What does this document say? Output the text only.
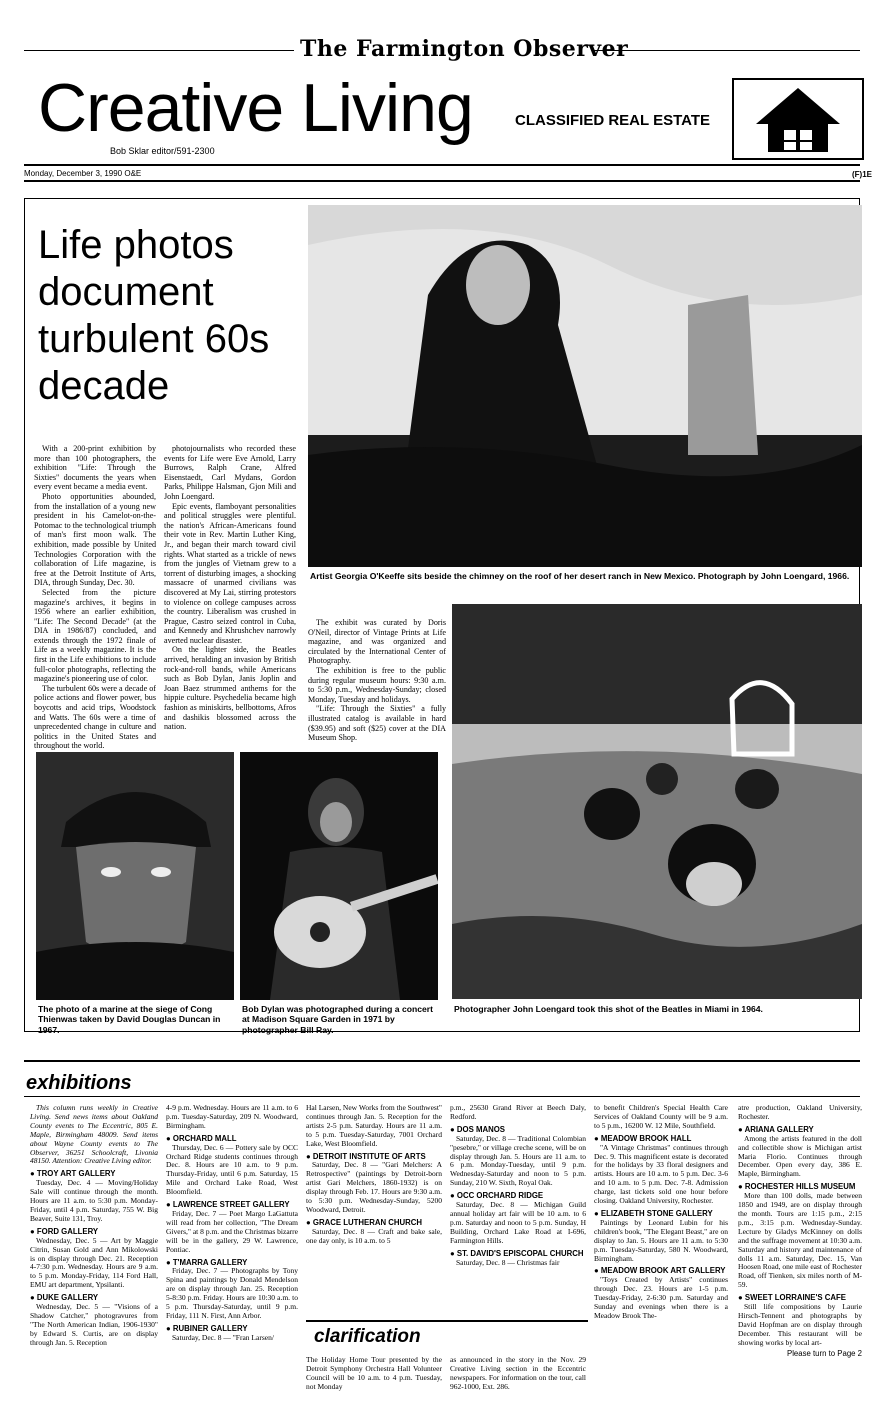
The Farmington Observer
Creative Living	CLASSIFIED REAL ESTATE
Bob Sklar editor/591-2300
Monday, December 3, 1990 O&E	(F)1E
Life photos document turbulent 60s decade

With a 200-print exhibition by more than 100 photographers, the exhibition "Life: Through the Sixties" documents the years when every event became a media event.

Photo opportunities abounded, from the installation of a young new president in his Camelot-on-the-Potomac to the technological triumph of man's first moon walk. The exhibition, made possible by United Technologies Corporation with the collaboration of Life magazine, is free at the Detroit Institute of Arts, DIA, through Sunday, Dec. 30.

Selected from the picture magazine's archives, it begins in 1956 where an earlier exhibition, "Life: The Second Decade" (at the DIA in 1986/87) concluded, and extends through the 1972 finale of Life as a weekly magazine. It is the first in the Life exhibitions to include full-color photographs, reflecting the magazine's pioneering use of color.

The turbulent 60s were a decade of police actions and flower power, bus boycotts and acid trips, Woodstock and Watts. The 60s were a time of unprecedented change in culture and politics in the United States and throughout the world.

photojournalists who recorded these events for Life were Eve Arnold, Larry Burrows, Ralph Crane, Alfred Eisenstaedt, Carl Mydans, Gordon Parks, Philippe Halsman, Gjon Mili and John Loengard.

Epic events, flamboyant personalities and political struggles were plentiful. the nation's African-Americans found their vote in Rev. Martin Luther King, Jr., and began their march toward civil rights. What started as a trickle of news from the jungles of Vietnam grew to a torrent of disturbing images, a shocking massacre of unarmed civilians was discovered at My Lai, stirring protestors to violence on college campuses across the country. Liberalism was crushed in Prague, Castro seized control in Cuba, and Kennedy and Khrushchev narrowly averted nuclear disaster.

On the lighter side, the Beatles arrived, heralding an invasion by British rock-and-roll bands, while Americans such as Bob Dylan, Janis Joplin and Joan Baez strummed anthems for the hippie culture. Psychedelia became high fashion as miniskirts, bellbottoms, Afros and dashikis blossomed across the nation.

The exhibit was curated by Doris O'Neil, director of Vintage Prints at Life magazine, and was organized and circulated by the International Center of Photography.

The exhibition is free to the public during regular museum hours: 9:30 a.m. to 5:30 p.m., Wednesday-Sunday; closed Monday, Tuesday and holidays.

"Life: Through the Sixties" a fully illustrated catalog is available in hard ($39.95) and soft ($25) cover at the DIA Museum Shop.

Artist Georgia O'Keeffe sits beside the chimney on the roof of her desert ranch in New Mexico. Photograph by John Loengard, 1966.
Photographer John Loengard took this shot of the Beatles in Miami in 1964.
The photo of a marine at the siege of Cong Thienwas taken by David Douglas Duncan in 1967.
Bob Dylan was photographed during a concert at Madison Square Garden in 1971 by photographer Bill Ray.
exhibitions

This column runs weekly in Creative Living. Send news items about Oakland County events to The Eccentric, 805 E. Maple, Birmingham 48009. Send items about Wayne County events to The Observer, 36251 Schoolcraft, Livonia 48150. Attention: Creative Living editor.

● TROY ART GALLERY

Tuesday, Dec. 4 — Moving/Holiday Sale will continue through the month. Hours are 11 a.m. to 5:30 p.m. Monday-Friday, until 4 p.m. Saturday, 755 W. Big Beaver, Suite 131, Troy.

● FORD GALLERY

Wednesday, Dec. 5 — Art by Maggie Citrin, Susan Gold and Ann Mikolowski is on display through Dec. 21. Reception 4-7:30 p.m. Wednesday. Hours are 9 a.m. to 5 p.m. Monday-Friday, 114 Ford Hall, EMU art department, Ypsilanti.

● DUKE GALLERY

Wednesday, Dec. 5 — "Visions of a Shadow Catcher," photogravures from "The North American Indian, 1906-1930" by Edward S. Curtis, are on display through Jan. 5. Reception

4-9 p.m. Wednesday. Hours are 11 a.m. to 6 p.m. Tuesday-Saturday, 209 N. Woodward, Birmingham.

● ORCHARD MALL

Thursday, Dec. 6 — Pottery sale by OCC Orchard Ridge students continues through Dec. 8. Hours are 10 a.m. to 9 p.m. Thursday-Friday, until 6 p.m. Saturday, 15 Mile and Orchard Lake Road, West Bloomfield.

● LAWRENCE STREET GALLERY

Friday, Dec. 7 — Poet Margo LaGattuta will read from her collection, "The Dream Givers," at 8 p.m. and the Christmas bizarre will be in the gallery, 29 W. Lawrence, Pontiac.

● T'MARRA GALLERY

Friday, Dec. 7 — Photographs by Tony Spina and paintings by Donald Mendelson are on display through Jan. 25. Reception 5-8:30 p.m. Friday. Hours are 10:30 a.m. to 5 p.m. Thursday-Saturday, until 9 p.m. Friday, 111 N. First, Ann Arbor.

● RUBINER GALLERY

Saturday, Dec. 8 — "Fran Larsen/

Hal Larsen, New Works from the Southwest" continues through Jan. 5. Reception for the artists 2-5 p.m. Saturday. Hours are 11 a.m. to 5 p.m. Tuesday-Saturday, 7001 Orchard Lake, West Bloomfield.

● DETROIT INSTITUTE OF ARTS

Saturday, Dec. 8 — "Gari Melchers: A Retrospective" (paintings by Detroit-born artist Gari Melchers, 1860-1932) is on display through Feb. 17. Hours are 9:30 a.m. to 5:30 p.m. Wednesday-Sunday, 5200 Woodward, Detroit.

● GRACE LUTHERAN CHURCH

Saturday, Dec. 8 — Craft and bake sale, one day only, is 10 a.m. to 5

p.m., 25630 Grand River at Beech Daly, Redford.

● DOS MANOS

Saturday, Dec. 8 — Traditional Colombian "pesebre," or village creche scene, will be on display through Jan. 5. Hours are 11 a.m. to 6 p.m. Monday-Tuesday, until 9 p.m. Wednesday-Saturday and noon to 5 p.m. Sunday, 210 W. Sixth, Royal Oak.

● OCC ORCHARD RIDGE

Saturday, Dec. 8 — Michigan Guild annual holiday art fair will be 10 a.m. to 6 p.m. Saturday and noon to 5 p.m. Sunday, H Building, Orchard Lake Road at I-696, Farmington Hills.

● ST. DAVID'S EPISCOPAL CHURCH

Saturday, Dec. 8 — Christmas fair

to benefit Children's Special Health Care Services of Oakland County will be 9 a.m. to 5 p.m., 16200 W. 12 Mile, Southfield.

● MEADOW BROOK HALL

"A Vintage Christmas" continues through Dec. 9. This magnificent estate is decorated for the holidays by 33 floral designers and artists. Hours are 10 a.m. to 5 p.m. Dec. 3-6 and 10 a.m. to 5 p.m. Dec. 7-8. Admission charge, last tickets sold one hour before closing. Oakland University, Rochester.

● ELIZABETH STONE GALLERY

Paintings by Leonard Lubin for his children's book, "The Elegant Beast," are on display to Jan. 5. Hours are 11 a.m. to 5:30 p.m. Tuesday-Saturday, 580 N. Woodward, Birmingham.

● MEADOW BROOK ART GALLERY

"Toys Created by Artists" continues through Dec. 23. Hours are 1-5 p.m. Tuesday-Friday, 2-6:30 p.m. Saturday and Sunday and evenings when there is a Meadow Brook The-

atre production, Oakland University, Rochester.

● ARIANA GALLERY

Among the artists featured in the doll and collectible show is Michigan artist Maria Florio. Continues through December. Open every day, 386 E. Maple, Birmingham.

● ROCHESTER HILLS MUSEUM

More than 100 dolls, made between 1850 and 1949, are on display through the month. Tours are 1:15 p.m., 2:15 p.m., 3:15 p.m. Wednesday-Sunday. Lecture by Gladys McKinney on dolls and the suffrage movement at 10:30 a.m. Saturday and history and maintenance of dolls 11 a.m. Saturday, Dec. 15, Van Hoosen Road, one mile east of Rochester Road, off Tienken, six miles north of M-59.

● SWEET LORRAINE'S CAFE

Still life compositions by Laurie Hirsch-Tennent and photographs by David Hopfman are on display through December. This restaurant will be showing works by local art-

Please turn to Page 2
clarification
The Holiday Home Tour presented by the Detroit Symphony Orchestra Hall Volunteer Council will be 10 a.m. to 4 p.m. Tuesday, not Monday
as announced in the story in the Nov. 29 Creative Living section in the Eccentric newspapers. For information on the tour, call 962-1000, Ext. 286.
